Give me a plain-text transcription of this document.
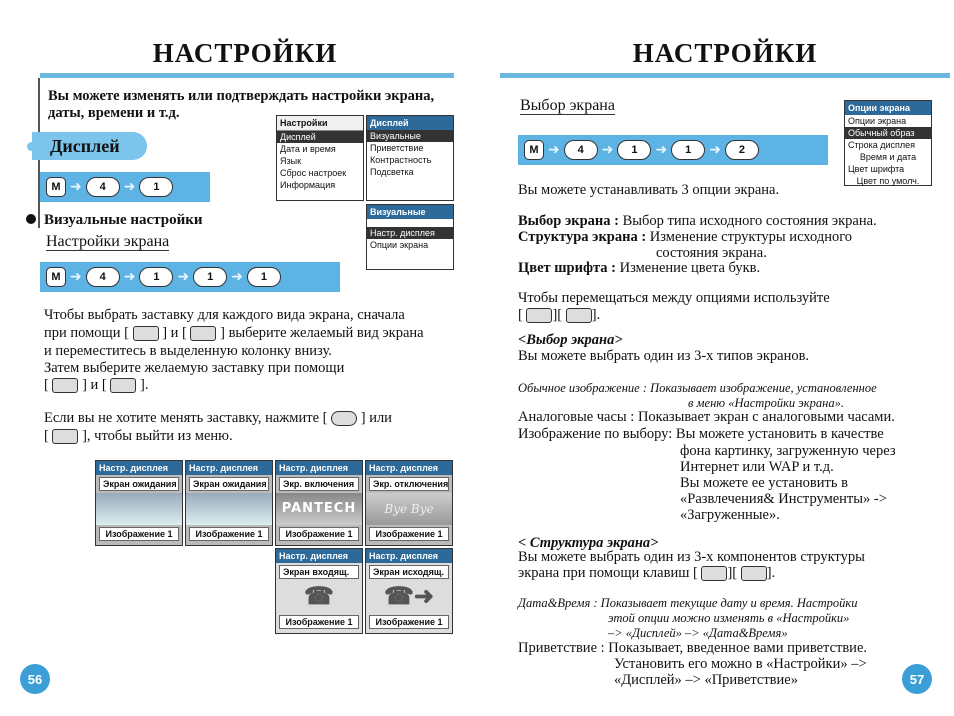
НАСТРОЙКИ
Вы можете изменять или подтверждать настройки экрана,
даты, времени и т.д.
Дисплей
M ➜	4	➜	1
Настройки
Дисплей
Дата и время
Язык
Сброс настроек
Информация
Дисплей
Визуальные
Приветствие
Контрастность
Подсветка
Визуальные
Настр. дисплея
Опции экрана
Визуальные настройки
Настройки экрана
M ➜	4	➜	1	➜	1	➜	1
Чтобы выбрать заставку для каждого вида экрана, сначала
при помощи [ ] и [ ] выберите желаемый вид экрана
и переместитесь в выделенную колонку внизу.
Затем выберите желаемую заставку при помощи
[ ] и [ ].
Если вы не хотите менять заставку, нажмите [ ] или
[ ], чтобы выйти из меню.
Настр. дисплея
Экран ожидания
Изображение 1
Настр. дисплея
Экран ожидания
Изображение 1
Настр. дисплея
Экр. включения
PANTECH
Изображение 1
Настр. дисплея
Экр. отключения
Bye Bye
Изображение 1
Настр. дисплея
Экран входящ.
☎
Изображение 1
Настр. дисплея
Экран исходящ.
☎➜
Изображение 1
56
НАСТРОЙКИ
Выбор экрана	Опции экрана
Опции экрана
Обычный образ
Строка дисплея
Время и дата
Цвет шрифта
Цвет по умолч.
M ➜	4	➜	1	➜	1	➜	2
Вы можете устанавливать 3 опции экрана.
Выбор экрана : Выбор типа исходного состояния экрана.
Структура экрана : Изменение структуры исходного
состояния экрана.
Цвет шрифта : Изменение цвета букв.
Чтобы перемещаться между опциями используйте
[ ][ ].
<Выбор экрана>
Вы можете выбрать один из 3-х типов экранов.
Обычное изображение : Показывает изображение, установленное
в меню «Настройки экрана».
Аналоговые часы : Показывает экран с аналоговыми часами.
Изображение по выбору: Вы можете установить в качестве
фона картинку, загруженную через
Интернет или WAP и т.д.
Вы можете ее установить в
«Развлечения& Инструменты» ->
«Загруженные».
< Структура экрана>
Вы можете выбрать один из 3-х компонентов структуры
экрана при помощи клавиш [ ][ ].
Дата&Время : Показывает текущие дату и время. Настройки
этой опции можно изменять в «Настройки»
–> «Дисплей» –> «Дата&Время»
Приветствие : Показывает, введенное вами приветствие.
Установить его можно в «Настройки» –>
«Дисплей» –> «Приветствие»	57
